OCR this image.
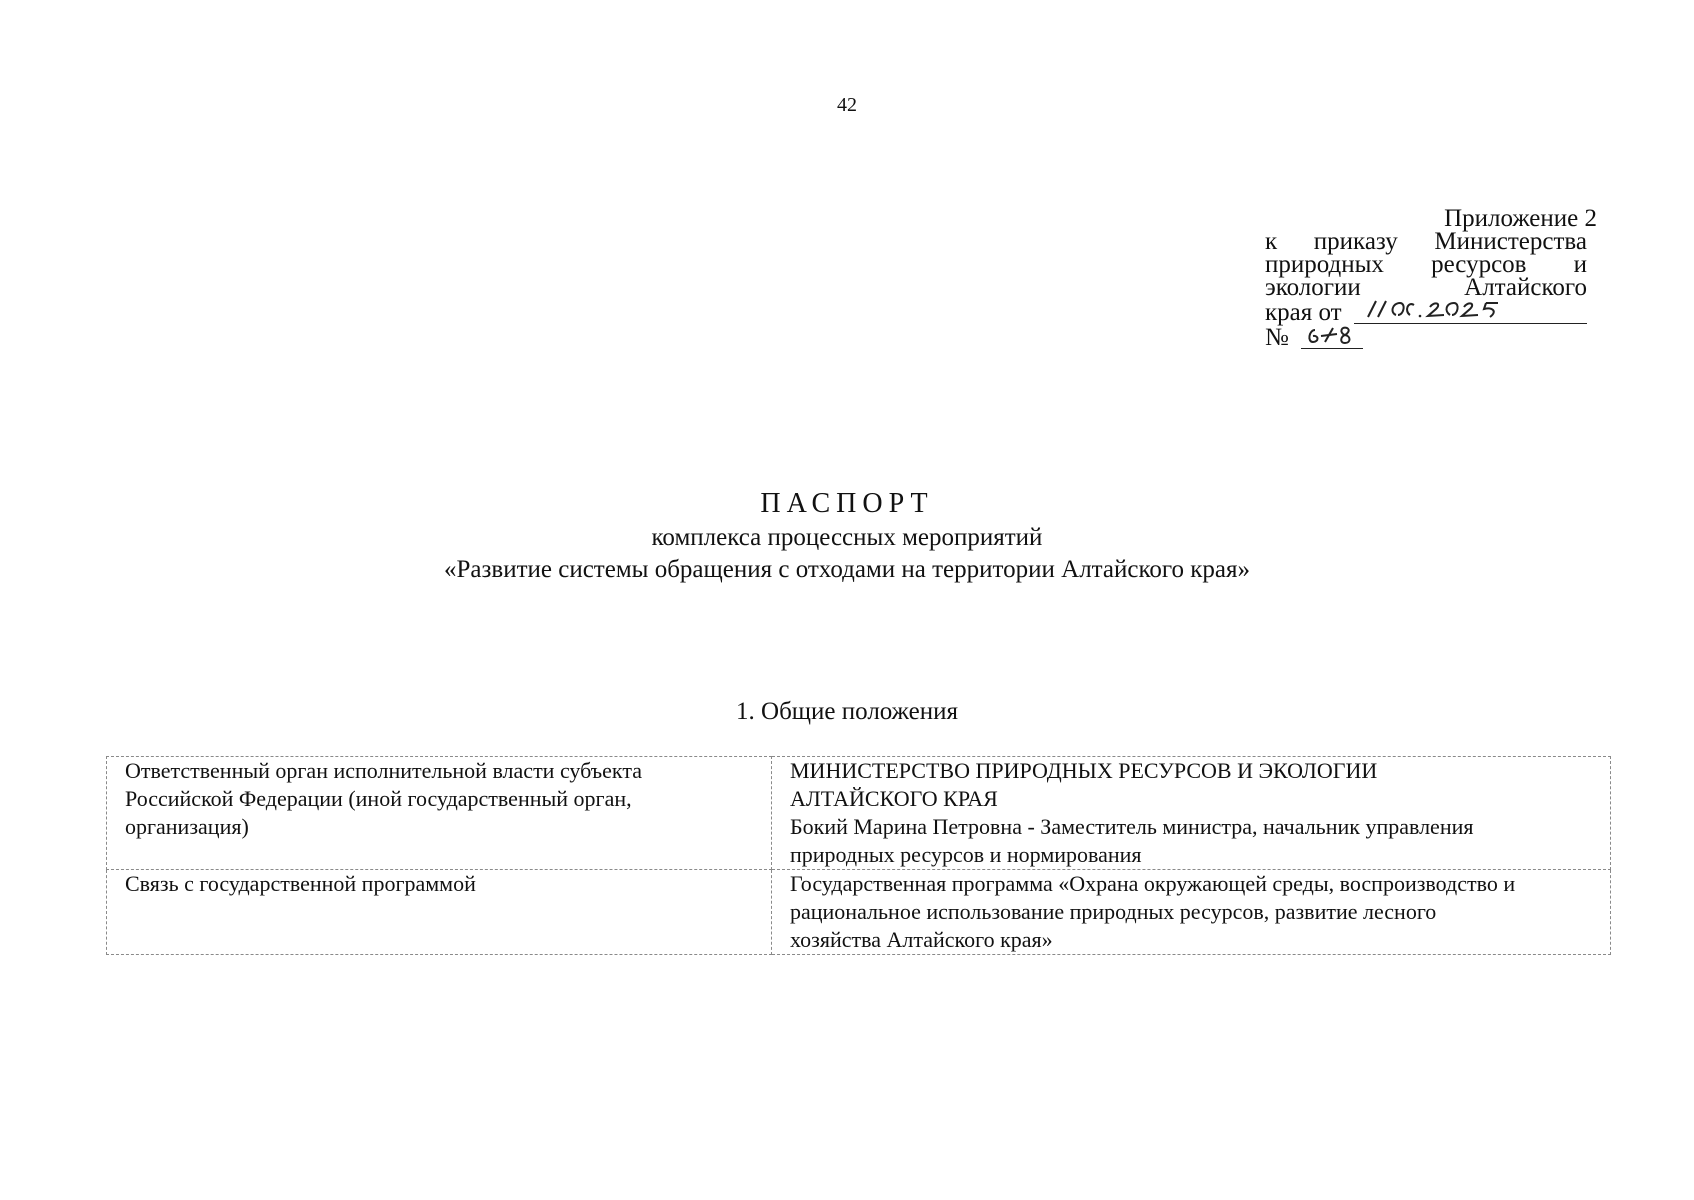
42
Приложение 2
к приказу Министерства
природных ресурсов и
экологии Алтайского
края от
№
ПАСПОРТ
комплекса процессных мероприятий
«Развитие системы обращения с отходами на территории Алтайского края»
1. Общие положения
Ответственный орган исполнительной власти субъекта
Российской Федерации (иной государственный орган,
организация)	МИНИСТЕРСТВО ПРИРОДНЫХ РЕСУРСОВ И ЭКОЛОГИИ
АЛТАЙСКОГО КРАЯ
Бокий Марина Петровна - Заместитель министра, начальник управления
природных ресурсов и нормирования

Связь с государственной программой	Государственная программа «Охрана окружающей среды, воспроизводство и
рациональное использование природных ресурсов, развитие лесного
хозяйства Алтайского края»
